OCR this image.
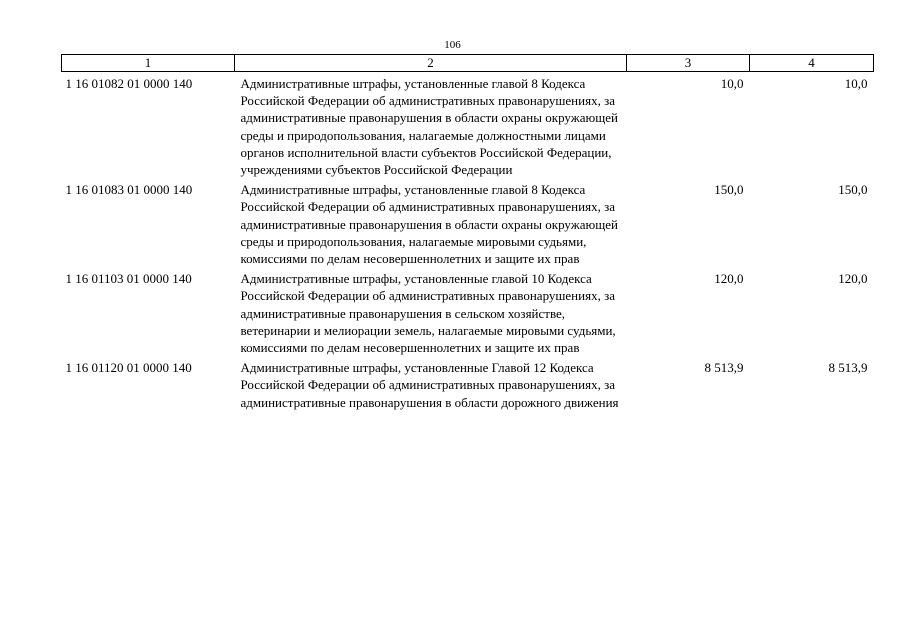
106
1	2	3	4
1 16 01082 01 0000 140	Административные штрафы, установленные главой 8 Кодекса Российской Федерации об административных правонарушениях, за административные правонарушения в области охраны окружающей среды и природопользования, налагаемые должностными лицами органов исполнительной власти субъектов Российской Федерации, учреждениями субъектов Российской Федерации	10,0	10,0
1 16 01083 01 0000 140	Административные штрафы, установленные главой 8 Кодекса Российской Федерации об административных правонарушениях, за административные правонарушения в области охраны окружающей среды и природопользования, налагаемые мировыми судьями, комиссиями по делам несовершеннолетних и защите их прав	150,0	150,0
1 16 01103 01 0000 140	Административные штрафы, установленные главой 10 Кодекса Российской Федерации об административных правонарушениях, за административные правонарушения в сельском хозяйстве, ветеринарии и мелиорации земель, налагаемые мировыми судьями, комиссиями по делам несовершеннолетних и защите их прав	120,0	120,0
1 16 01120 01 0000 140	Административные штрафы, установленные Главой 12 Кодекса Российской Федерации об административных правонарушениях, за административные правонарушения в области дорожного движения	8 513,9	8 513,9
